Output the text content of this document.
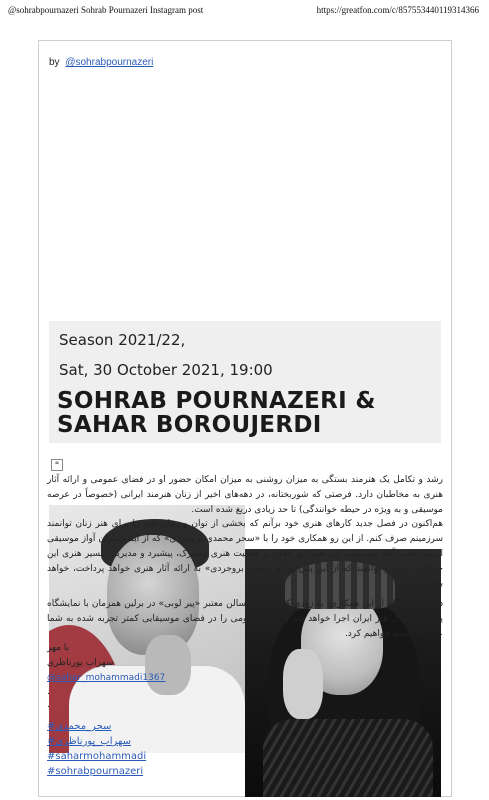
@sohrabpournazeri Sohrab Pournazeri Instagram post	https://greatfon.com/c/857553440119314366
by @sohrabpournazeri
Season 2021/22,
Sat, 30 October 2021, 19:00
SOHRAB POURNAZERI &
SAHAR BOROUJERDI
❝
رشد و تکامل یک هنرمند بستگی به میزان روشنی به میزان امکان حضور او در فضای عمومی و ارائه آثار هنری به مخاطبان دارد. فرصتی که شوربختانه، در دهه‌های اخیر از زنان هنرمند ایرانی (خصوصاً در عرصه موسیقی و به ویژه در حیطه خوانندگی) تا حد زیادی دریغ شده است.
هم‌اکنون در فصل جدید کارهای هنری خود برآنم که بخشی از توان و زمان خود را برای هنر زنان توانمند سرزمینم صرف کنم. از این رو همکاری خود را با «سحر محمدی بروجردی» که از آینده‌سازان آواز موسیقی ایرانی است آغاز می‌نمایم. این همکاری علاوه بر فعالیت هنری مشترک، پیشبرد و مدیریت مسیر هنری این خواننده جوان و توانمند که از این پس با نام «سحر بروجردی» به ارائه آثار هنری خواهد پرداخت، خواهد بود.
در نخستین گام از این همکاری، به زودی کنسرتی در سالن معتبر «پیر لوبی» در برلین همزمان با نمایشگاه پنج هزار سال هنر ایران اجرا خواهد شد و سپس آلبومی را در فضای موسیقایی کمتر تجربه شده به شما عزیزان تقدیم خواهیم کرد.
با مهر
سهراب پورناظری
@sahar_mohammadi1367
.
.
#سحر_محمدی
#سهراب_پورناظری
#saharmohammadi
#sohrabpournazeri
